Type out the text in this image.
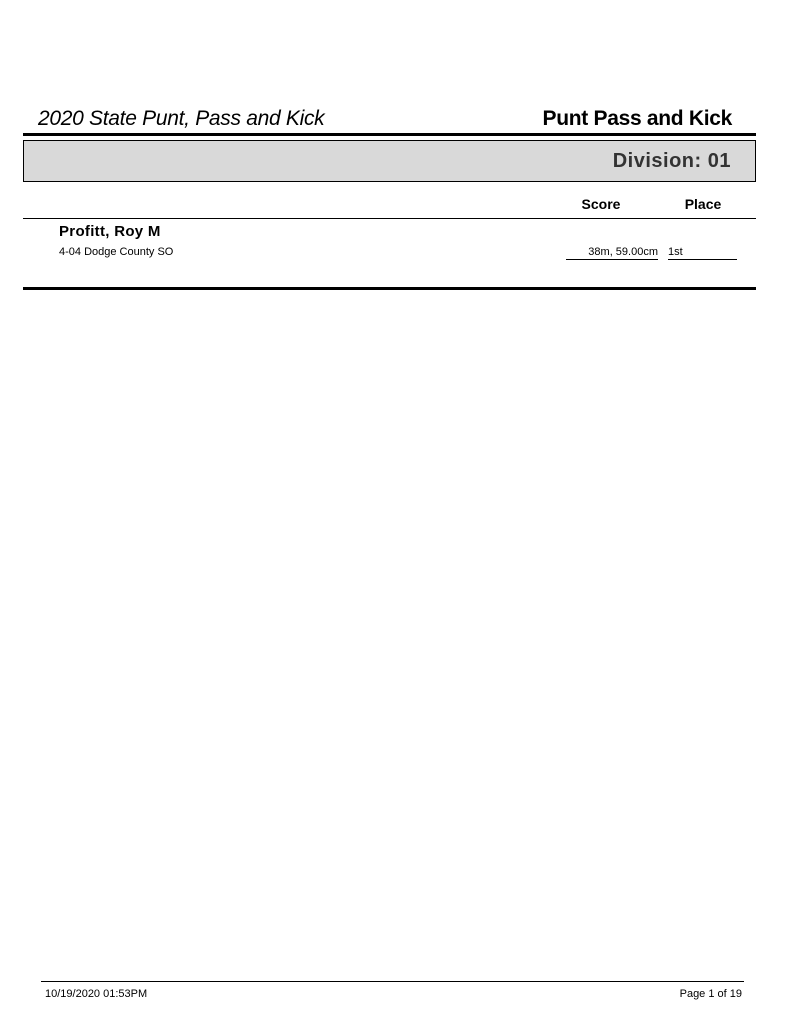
2020 State Punt, Pass and Kick	Punt Pass and Kick
Division: 01
Score	Place
Profitt, Roy M
4-04 Dodge County SO	38m, 59.00cm 1st
10/19/2020 01:53PM	Page 1 of 19
